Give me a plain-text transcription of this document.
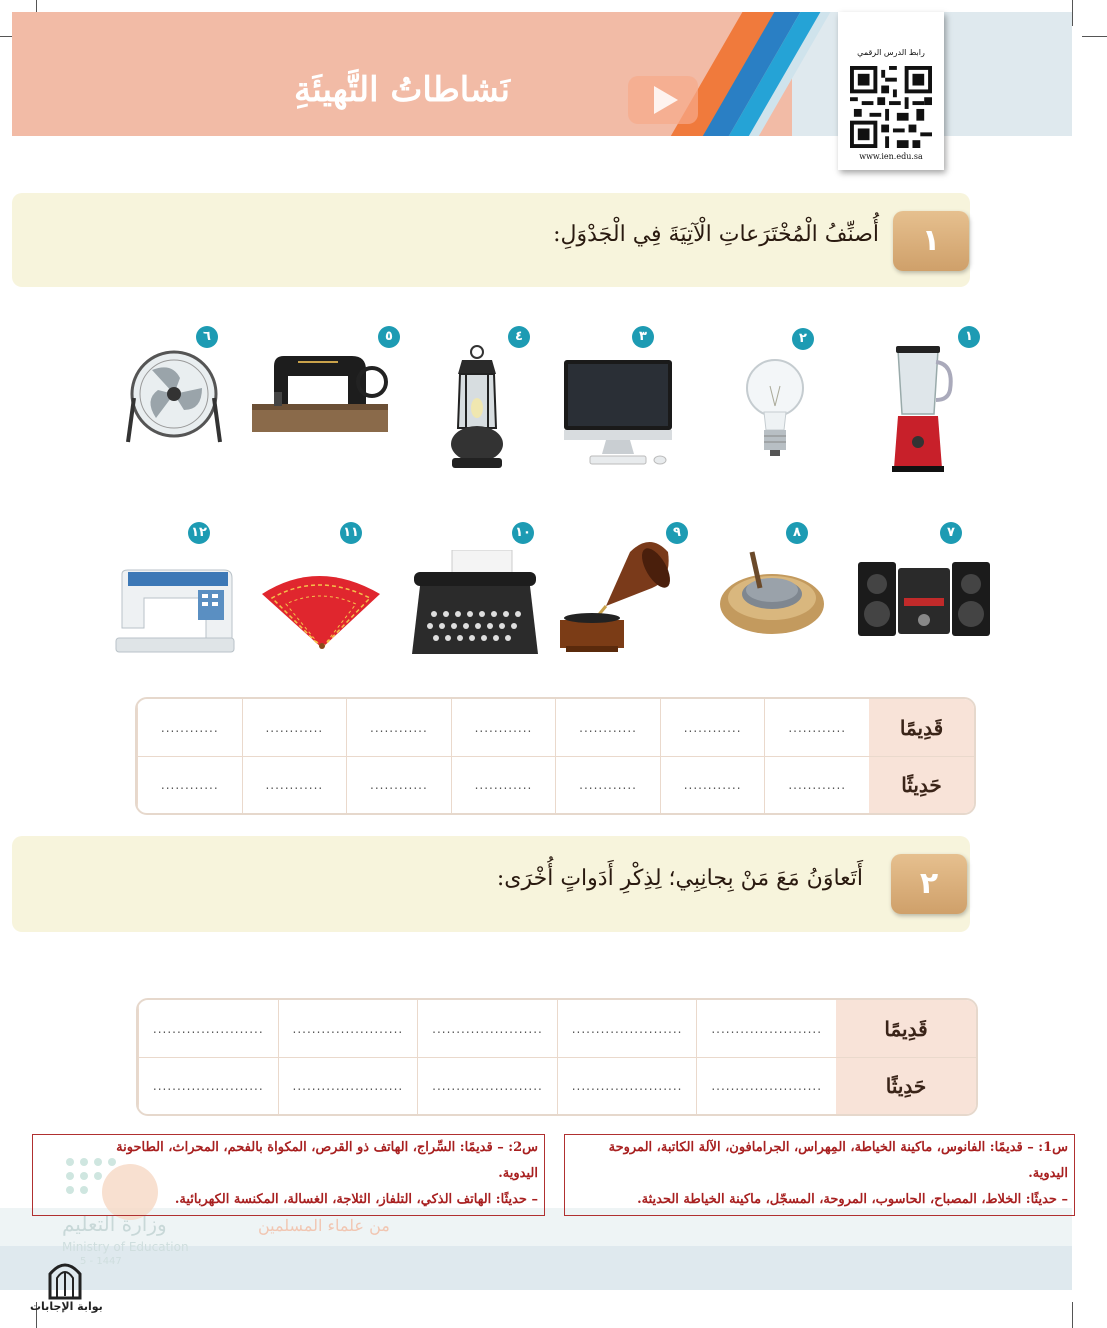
نَشاطاتُ التَّهيئَةِ
رابط الدرس الرقمي
www.ien.edu.sa
١
أُصنِّفُ الْمُخْتَرَعاتِ الْآتِيَةَ فِي الْجَدْوَلِ:
١
٢
٣
٤
٥
٦
٧
٨
٩
١٠
١١
١٢
............	............	............	............	............	............	............	قَدِيمًا
............	............	............	............	............	............	............	حَدِيثًا
٢
أَتَعاوَنُ مَعَ مَنْ بِجانِبِي؛ لِذِكْرِ أَدَواتٍ أُخْرَى:
.......................	.......................	.......................	.......................	.......................	قَدِيمًا
.......................	.......................	.......................	.......................	.......................	حَدِيثًا
وزارة التعليم
Ministry of Education
5 - 1447
من علماء المسلمين
س1: – قديمًا: الفانوس، ماكينة الخياطة، المِهراس، الجرامافون، الآلة الكاتبة، المروحة
اليدوية.
– حديثًا: الخلاط، المصباح، الحاسوب، المروحة، المسجّل، ماكينة الخياطة الحديثة.
س2: – قديمًا: السِّراج، الهاتف ذو القرص، المكواة بالفحم، المحراث، الطاحونة
اليدوية.
– حديثًا: الهاتف الذكي، التلفاز، الثلاجة، الغسالة، المكنسة الكهربائية.
بوابة الإجابات
